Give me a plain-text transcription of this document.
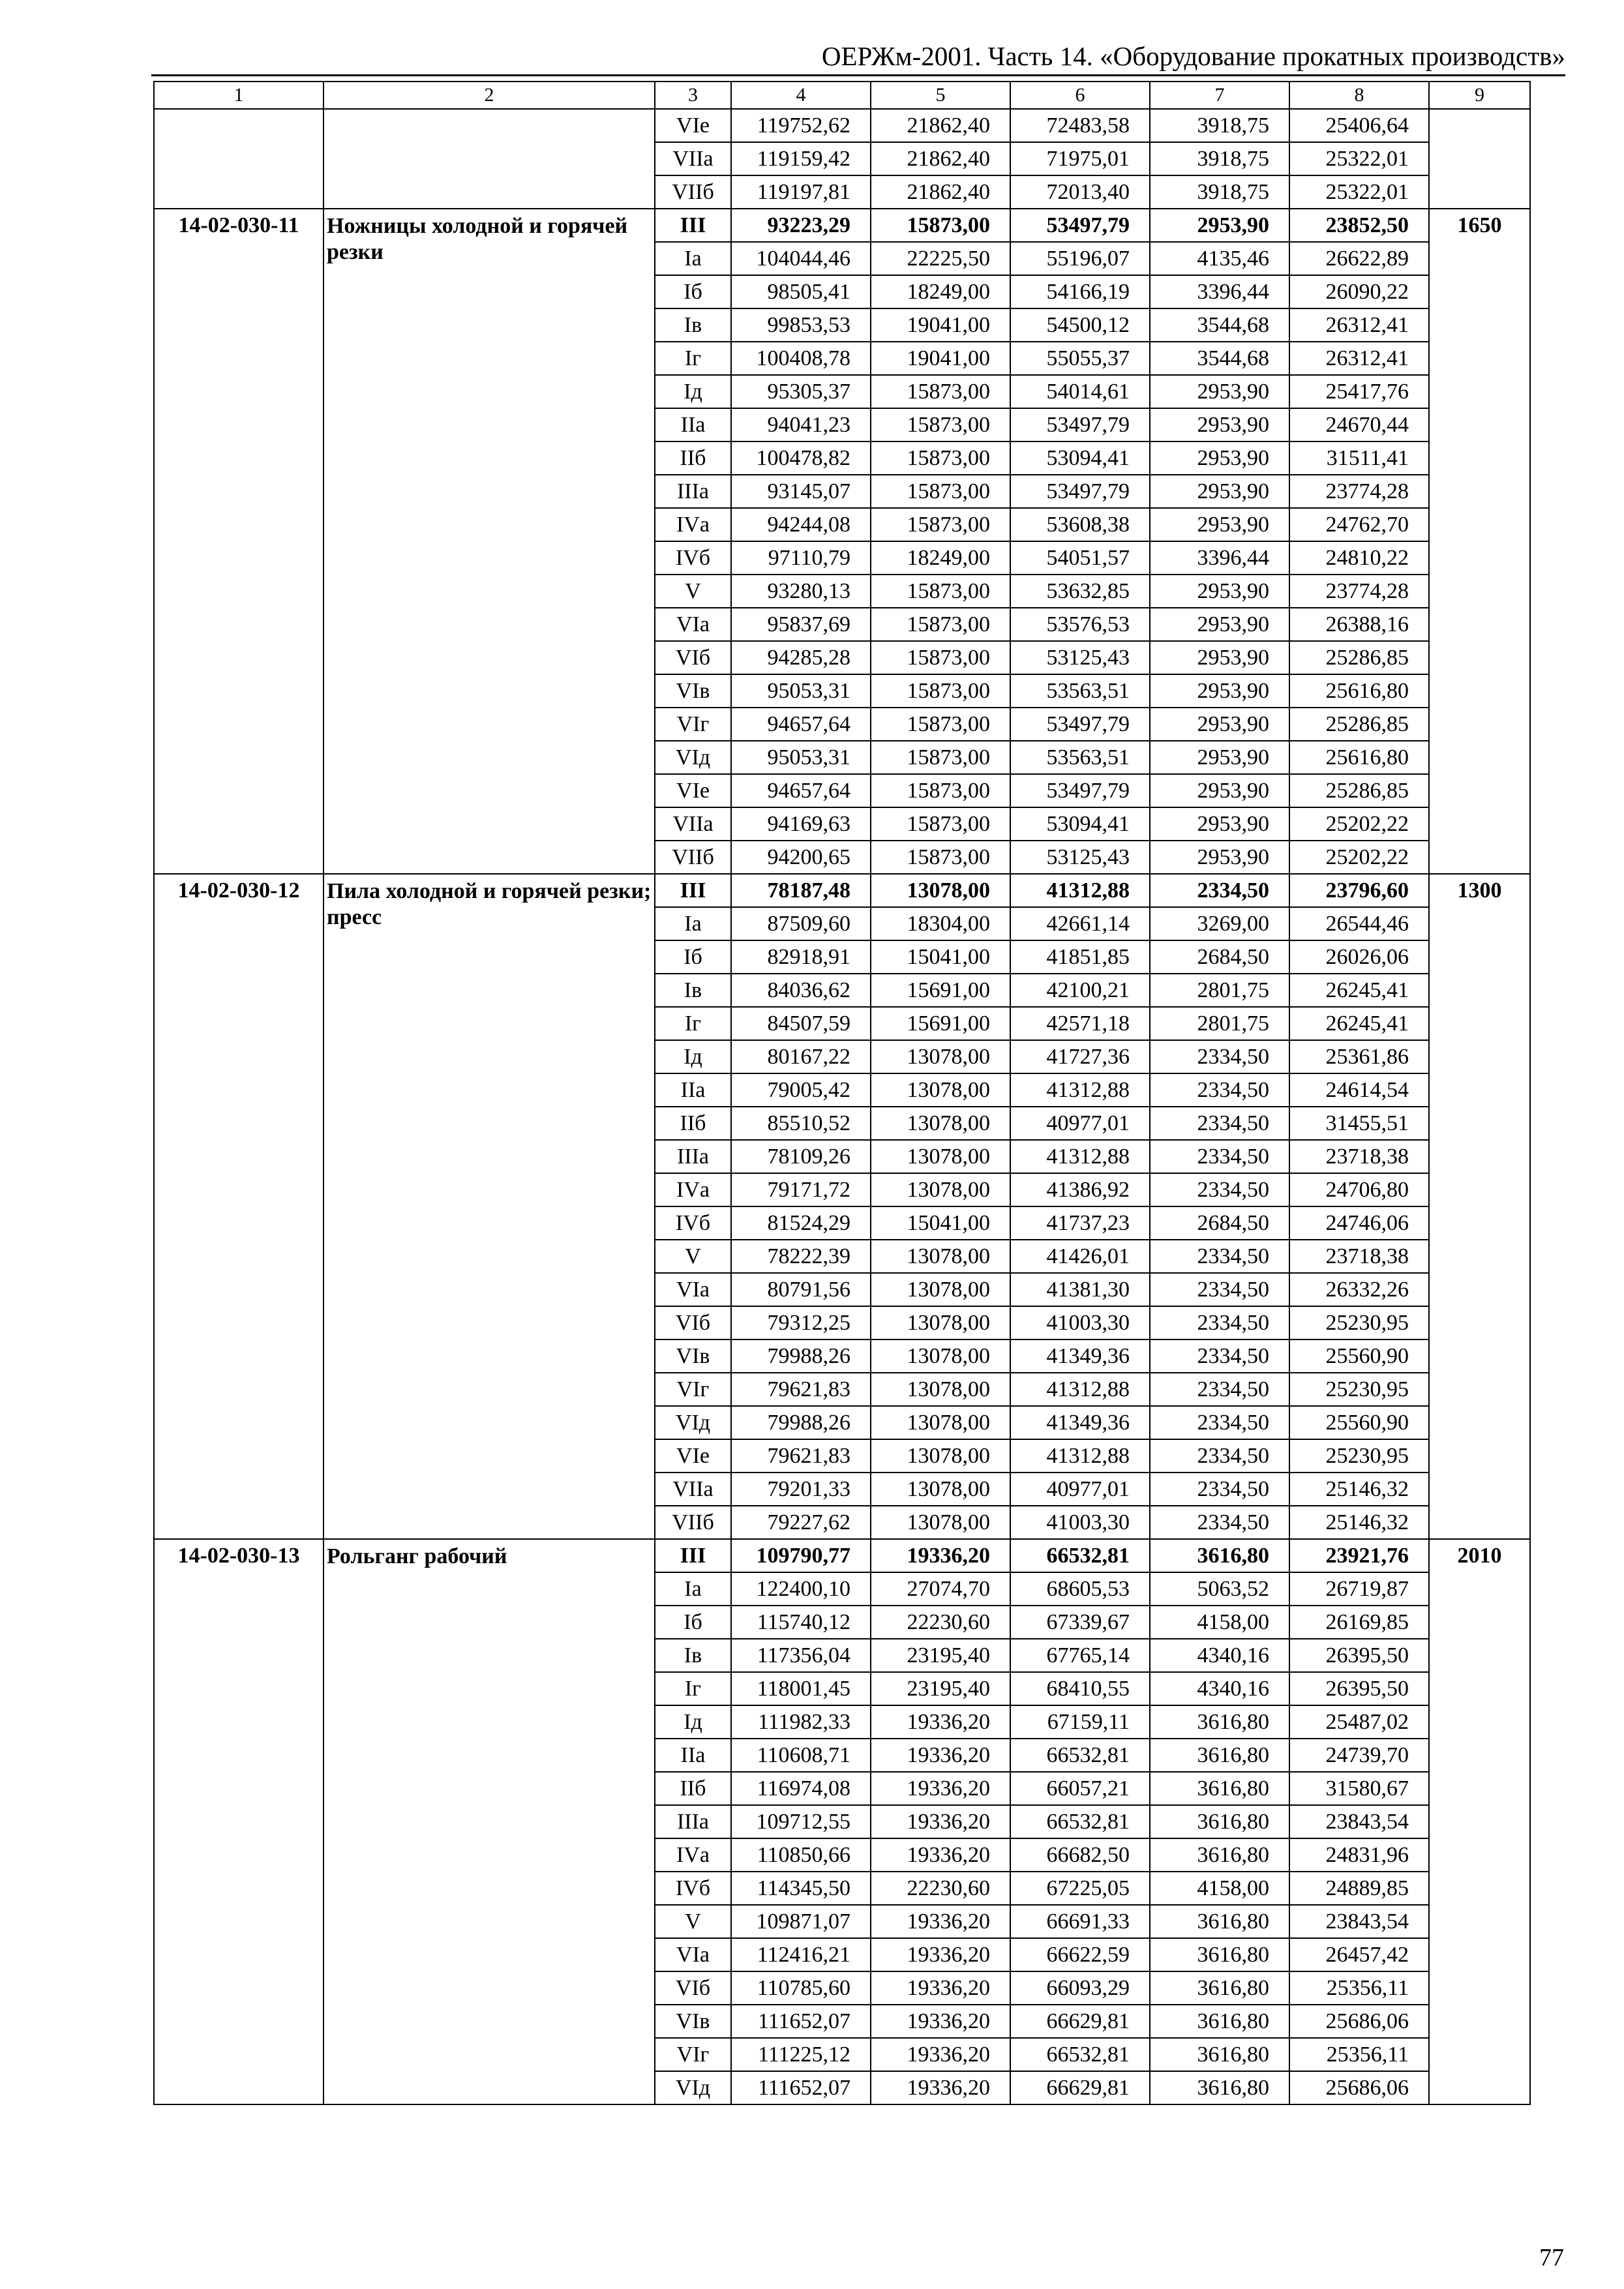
ОЕРЖм-2001. Часть 14. «Оборудование прокатных производств»
1	2	3	4	5	6	7	8	9
		VIе	119752,62	21862,40	72483,58	3918,75	25406,64	
		VIIа	119159,42	21862,40	71975,01	3918,75	25322,01	
		VIIб	119197,81	21862,40	72013,40	3918,75	25322,01	
14-02-030-11	Ножницы холодной и горячей резки	III	93223,29	15873,00	53497,79	2953,90	23852,50	1650
		Iа	104044,46	22225,50	55196,07	4135,46	26622,89	
		Iб	98505,41	18249,00	54166,19	3396,44	26090,22	
		Iв	99853,53	19041,00	54500,12	3544,68	26312,41	
		Iг	100408,78	19041,00	55055,37	3544,68	26312,41	
		Iд	95305,37	15873,00	54014,61	2953,90	25417,76	
		IIа	94041,23	15873,00	53497,79	2953,90	24670,44	
		IIб	100478,82	15873,00	53094,41	2953,90	31511,41	
		IIIа	93145,07	15873,00	53497,79	2953,90	23774,28	
		IVа	94244,08	15873,00	53608,38	2953,90	24762,70	
		IVб	97110,79	18249,00	54051,57	3396,44	24810,22	
		V	93280,13	15873,00	53632,85	2953,90	23774,28	
		VIа	95837,69	15873,00	53576,53	2953,90	26388,16	
		VIб	94285,28	15873,00	53125,43	2953,90	25286,85	
		VIв	95053,31	15873,00	53563,51	2953,90	25616,80	
		VIг	94657,64	15873,00	53497,79	2953,90	25286,85	
		VIд	95053,31	15873,00	53563,51	2953,90	25616,80	
		VIе	94657,64	15873,00	53497,79	2953,90	25286,85	
		VIIа	94169,63	15873,00	53094,41	2953,90	25202,22	
		VIIб	94200,65	15873,00	53125,43	2953,90	25202,22	
14-02-030-12	Пила холодной и горячей резки; пресс	III	78187,48	13078,00	41312,88	2334,50	23796,60	1300
		Iа	87509,60	18304,00	42661,14	3269,00	26544,46	
		Iб	82918,91	15041,00	41851,85	2684,50	26026,06	
		Iв	84036,62	15691,00	42100,21	2801,75	26245,41	
		Iг	84507,59	15691,00	42571,18	2801,75	26245,41	
		Iд	80167,22	13078,00	41727,36	2334,50	25361,86	
		IIа	79005,42	13078,00	41312,88	2334,50	24614,54	
		IIб	85510,52	13078,00	40977,01	2334,50	31455,51	
		IIIа	78109,26	13078,00	41312,88	2334,50	23718,38	
		IVа	79171,72	13078,00	41386,92	2334,50	24706,80	
		IVб	81524,29	15041,00	41737,23	2684,50	24746,06	
		V	78222,39	13078,00	41426,01	2334,50	23718,38	
		VIа	80791,56	13078,00	41381,30	2334,50	26332,26	
		VIб	79312,25	13078,00	41003,30	2334,50	25230,95	
		VIв	79988,26	13078,00	41349,36	2334,50	25560,90	
		VIг	79621,83	13078,00	41312,88	2334,50	25230,95	
		VIд	79988,26	13078,00	41349,36	2334,50	25560,90	
		VIе	79621,83	13078,00	41312,88	2334,50	25230,95	
		VIIа	79201,33	13078,00	40977,01	2334,50	25146,32	
		VIIб	79227,62	13078,00	41003,30	2334,50	25146,32	
14-02-030-13	Рольганг рабочий	III	109790,77	19336,20	66532,81	3616,80	23921,76	2010
		Iа	122400,10	27074,70	68605,53	5063,52	26719,87	
		Iб	115740,12	22230,60	67339,67	4158,00	26169,85	
		Iв	117356,04	23195,40	67765,14	4340,16	26395,50	
		Iг	118001,45	23195,40	68410,55	4340,16	26395,50	
		Iд	111982,33	19336,20	67159,11	3616,80	25487,02	
		IIа	110608,71	19336,20	66532,81	3616,80	24739,70	
		IIб	116974,08	19336,20	66057,21	3616,80	31580,67	
		IIIа	109712,55	19336,20	66532,81	3616,80	23843,54	
		IVа	110850,66	19336,20	66682,50	3616,80	24831,96	
		IVб	114345,50	22230,60	67225,05	4158,00	24889,85	
		V	109871,07	19336,20	66691,33	3616,80	23843,54	
		VIа	112416,21	19336,20	66622,59	3616,80	26457,42	
		VIб	110785,60	19336,20	66093,29	3616,80	25356,11	
		VIв	111652,07	19336,20	66629,81	3616,80	25686,06	
		VIг	111225,12	19336,20	66532,81	3616,80	25356,11	
		VIд	111652,07	19336,20	66629,81	3616,80	25686,06	
77
